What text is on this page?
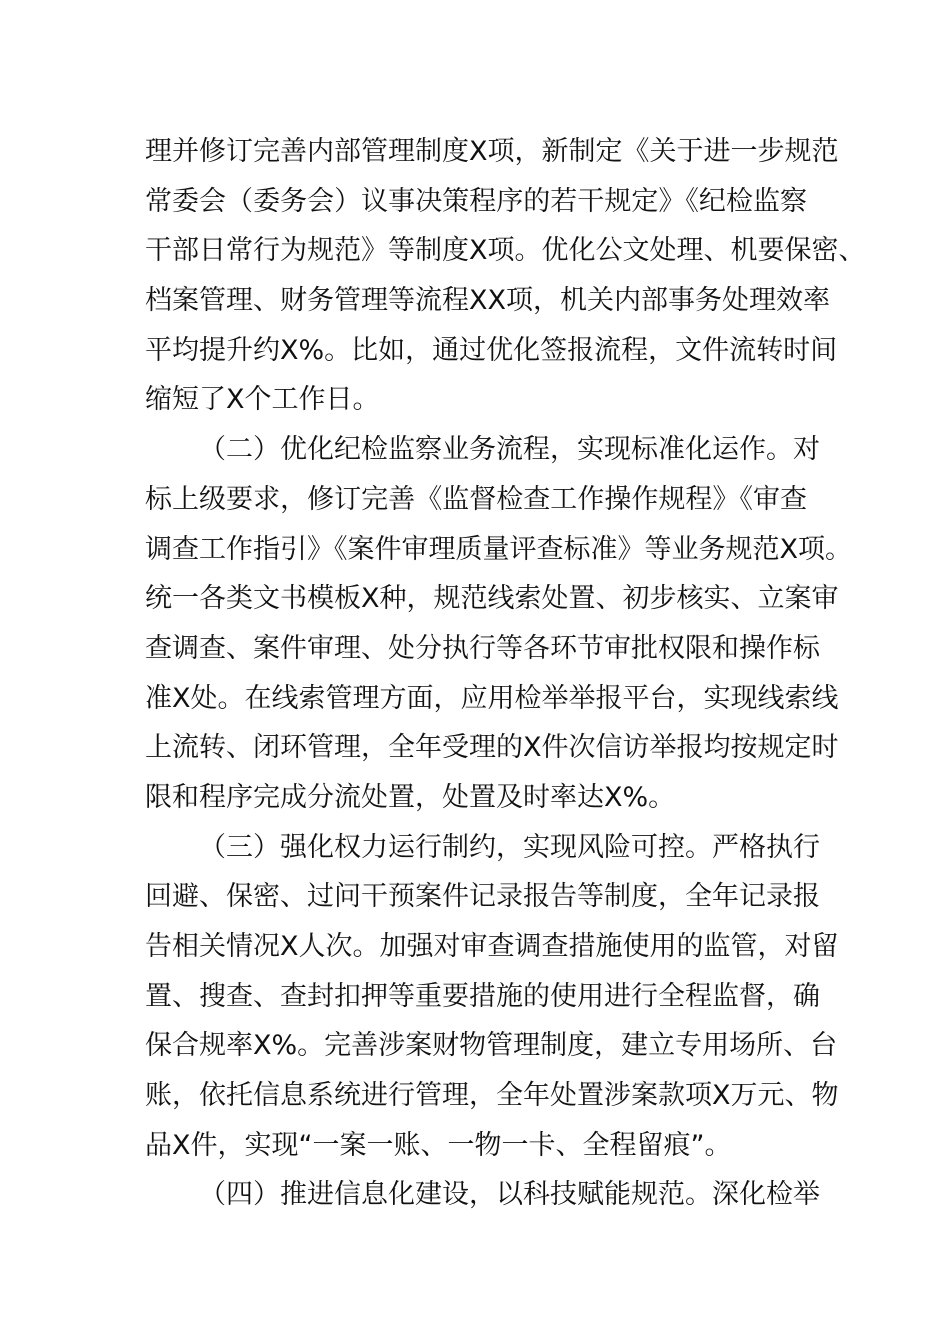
理并修订完善内部管理制度X项，新制定《关于进一步规范
常委会（委务会）议事决策程序的若干规定》《纪检监察
干部日常行为规范》等制度X项。优化公文处理、机要保密、
档案管理、财务管理等流程XX项，机关内部事务处理效率
平均提升约X%。比如，通过优化签报流程，文件流转时间
缩短了X个工作日。
（二）优化纪检监察业务流程，实现标准化运作。对
标上级要求，修订完善《监督检查工作操作规程》《审查
调查工作指引》《案件审理质量评查标准》等业务规范X项。
统一各类文书模板X种，规范线索处置、初步核实、立案审
查调查、案件审理、处分执行等各环节审批权限和操作标
准X处。在线索管理方面，应用检举举报平台，实现线索线
上流转、闭环管理，全年受理的X件次信访举报均按规定时
限和程序完成分流处置，处置及时率达X%。
（三）强化权力运行制约，实现风险可控。严格执行
回避、保密、过问干预案件记录报告等制度，全年记录报
告相关情况X人次。加强对审查调查措施使用的监管，对留
置、搜查、查封扣押等重要措施的使用进行全程监督，确
保合规率X%。完善涉案财物管理制度，建立专用场所、台
账，依托信息系统进行管理，全年处置涉案款项X万元、物
品X件，实现“一案一账、一物一卡、全程留痕”。
（四）推进信息化建设，以科技赋能规范。深化检举
